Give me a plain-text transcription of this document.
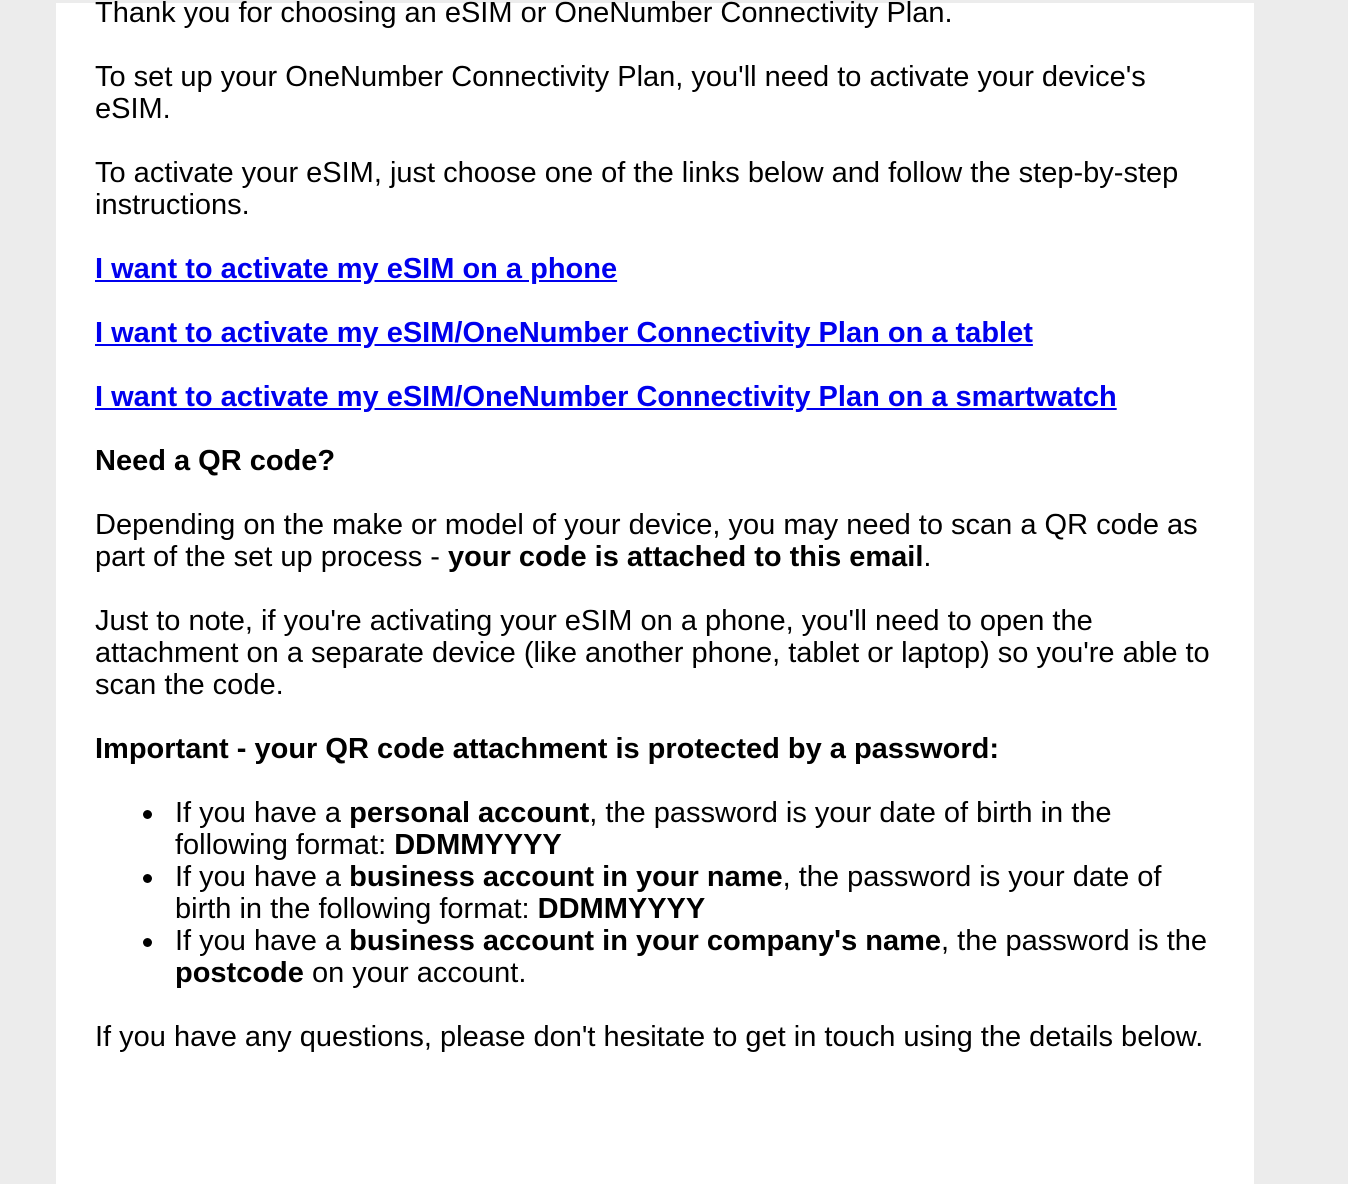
Thank you for choosing an eSIM or OneNumber Connectivity Plan.

To set up your OneNumber Connectivity Plan, you'll need to activate your device's eSIM.

To activate your eSIM, just choose one of the links below and follow the step-by-step instructions.

I want to activate my eSIM on a phone

I want to activate my eSIM/OneNumber Connectivity Plan on a tablet

I want to activate my eSIM/OneNumber Connectivity Plan on a smartwatch

Need a QR code?

Depending on the make or model of your device, you may need to scan a QR code as part of the set up process - your code is attached to this email.

Just to note, if you're activating your eSIM on a phone, you'll need to open the attachment on a separate device (like another phone, tablet or laptop) so you're able to scan the code.

Important - your QR code attachment is protected by a password:

If you have a personal account, the password is your date of birth in the following format: DDMMYYYY
If you have a business account in your name, the password is your date of birth in the following format: DDMMYYYY
If you have a business account in your company's name, the password is the postcode on your account.

If you have any questions, please don't hesitate to get in touch using the details below.
